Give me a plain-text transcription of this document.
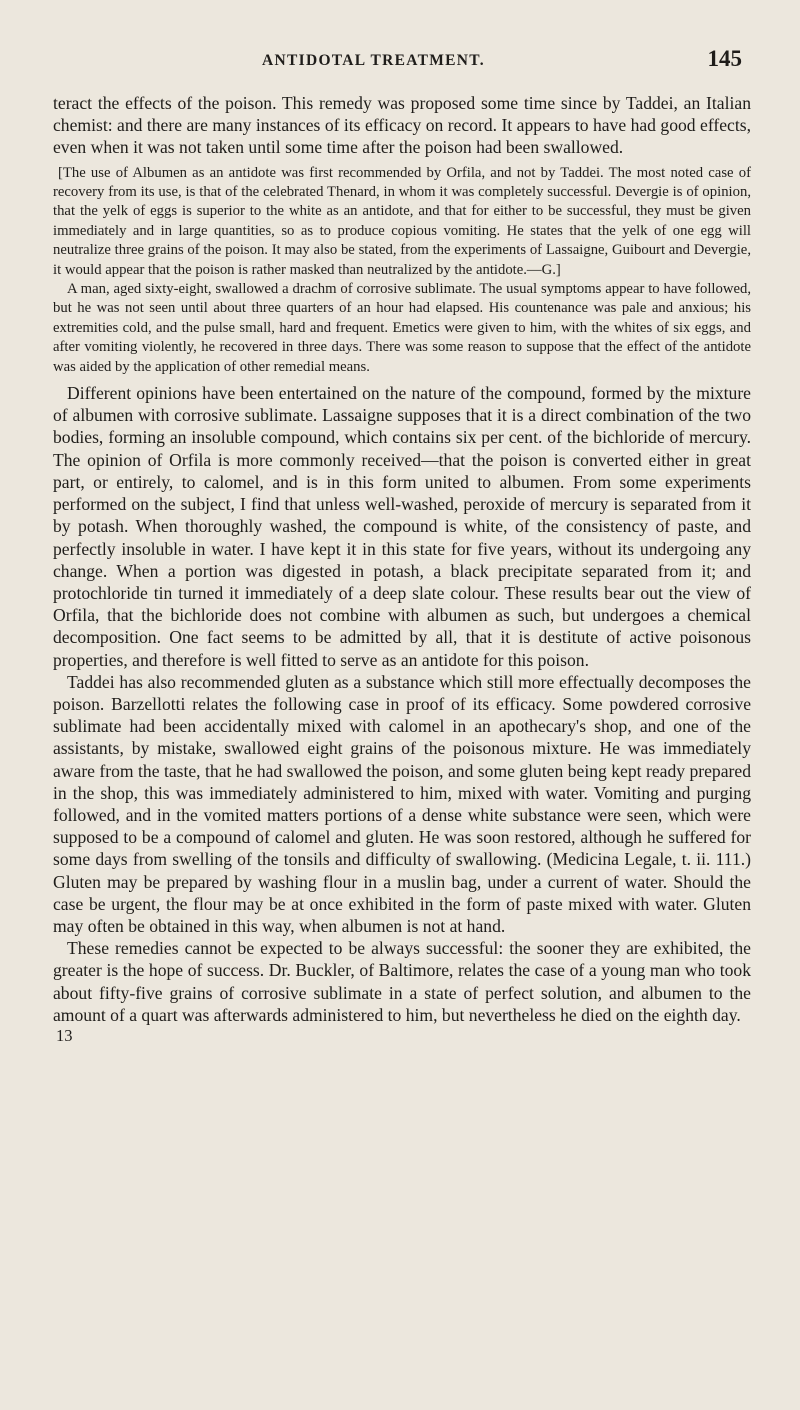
ANTIDOTAL TREATMENT.	145

teract the effects of the poison. This remedy was proposed some time since by Taddei, an Italian chemist: and there are many instances of its efficacy on record. It appears to have had good effects, even when it was not taken until some time after the poison had been swallowed.

[The use of Albumen as an antidote was first recommended by Orfila, and not by Taddei. The most noted case of recovery from its use, is that of the celebrated Thenard, in whom it was completely successful. Devergie is of opinion, that the yelk of eggs is superior to the white as an antidote, and that for either to be successful, they must be given immediately and in large quantities, so as to produce copious vomiting. He states that the yelk of one egg will neutralize three grains of the poison. It may also be stated, from the experiments of Lassaigne, Guibourt and Devergie, it would appear that the poison is rather masked than neutralized by the antidote.—G.]

A man, aged sixty-eight, swallowed a drachm of corrosive sublimate. The usual symptoms appear to have followed, but he was not seen until about three quarters of an hour had elapsed. His countenance was pale and anxious; his extremities cold, and the pulse small, hard and frequent. Emetics were given to him, with the whites of six eggs, and after vomiting violently, he recovered in three days. There was some reason to suppose that the effect of the antidote was aided by the application of other remedial means.

Different opinions have been entertained on the nature of the compound, formed by the mixture of albumen with corrosive sublimate. Lassaigne supposes that it is a direct combination of the two bodies, forming an insoluble compound, which contains six per cent. of the bichloride of mercury. The opinion of Orfila is more commonly received—that the poison is converted either in great part, or entirely, to calomel, and is in this form united to albumen. From some experiments performed on the subject, I find that unless well-washed, peroxide of mercury is separated from it by potash. When thoroughly washed, the compound is white, of the consistency of paste, and perfectly insoluble in water. I have kept it in this state for five years, without its undergoing any change. When a portion was digested in potash, a black precipitate separated from it; and protochloride tin turned it immediately of a deep slate colour. These results bear out the view of Orfila, that the bichloride does not combine with albumen as such, but undergoes a chemical decomposition. One fact seems to be admitted by all, that it is destitute of active poisonous properties, and therefore is well fitted to serve as an antidote for this poison.

Taddei has also recommended gluten as a substance which still more effectually decomposes the poison. Barzellotti relates the following case in proof of its efficacy. Some powdered corrosive sublimate had been accidentally mixed with calomel in an apothecary's shop, and one of the assistants, by mistake, swallowed eight grains of the poisonous mixture. He was immediately aware from the taste, that he had swallowed the poison, and some gluten being kept ready prepared in the shop, this was immediately administered to him, mixed with water. Vomiting and purging followed, and in the vomited matters portions of a dense white substance were seen, which were supposed to be a compound of calomel and gluten. He was soon restored, although he suffered for some days from swelling of the tonsils and difficulty of swallowing. (Medicina Legale, t. ii. 111.) Gluten may be prepared by washing flour in a muslin bag, under a current of water. Should the case be urgent, the flour may be at once exhibited in the form of paste mixed with water. Gluten may often be obtained in this way, when albumen is not at hand.

These remedies cannot be expected to be always successful: the sooner they are exhibited, the greater is the hope of success. Dr. Buckler, of Baltimore, relates the case of a young man who took about fifty-five grains of corrosive sublimate in a state of perfect solution, and albumen to the amount of a quart was afterwards administered to him, but nevertheless he died on the eighth day.

13
